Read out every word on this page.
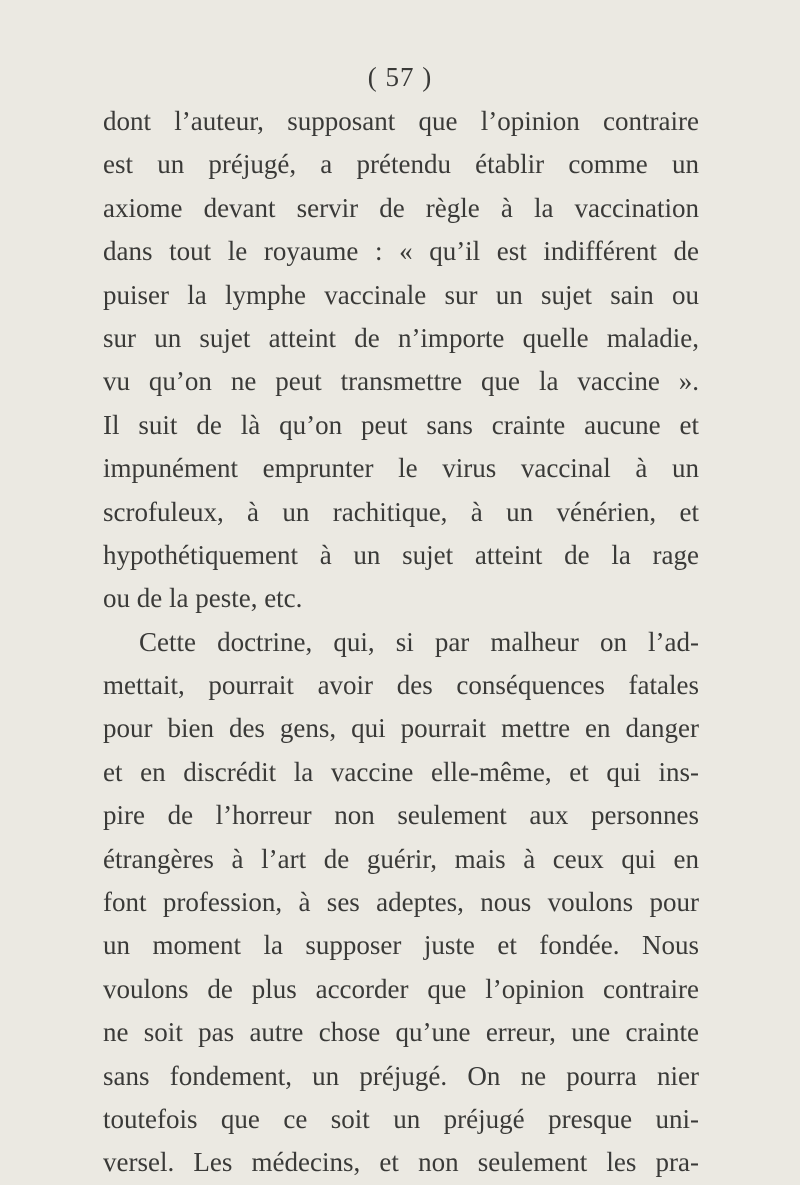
( 57 )
dont l’auteur, supposant que l’opinion contraire
est un préjugé, a prétendu établir comme un
axiome devant servir de règle à la vaccination
dans tout le royaume : « qu’il est indifférent de
puiser la lymphe vaccinale sur un sujet sain ou
sur un sujet atteint de n’importe quelle maladie,
vu qu’on ne peut transmettre que la vaccine ».
Il suit de là qu’on peut sans crainte aucune et
impunément emprunter le virus vaccinal à un
scrofuleux, à un rachitique, à un vénérien, et
hypothétiquement à un sujet atteint de la rage
ou de la peste, etc.
Cette doctrine, qui, si par malheur on l’ad-
mettait, pourrait avoir des conséquences fatales
pour bien des gens, qui pourrait mettre en danger
et en discrédit la vaccine elle-même, et qui ins-
pire de l’horreur non seulement aux personnes
étrangères à l’art de guérir, mais à ceux qui en
font profession, à ses adeptes, nous voulons pour
un moment la supposer juste et fondée. Nous
voulons de plus accorder que l’opinion contraire
ne soit pas autre chose qu’une erreur, une crainte
sans fondement, un préjugé. On ne pourra nier
toutefois que ce soit un préjugé presque uni-
versel. Les médecins, et non seulement les pra-
